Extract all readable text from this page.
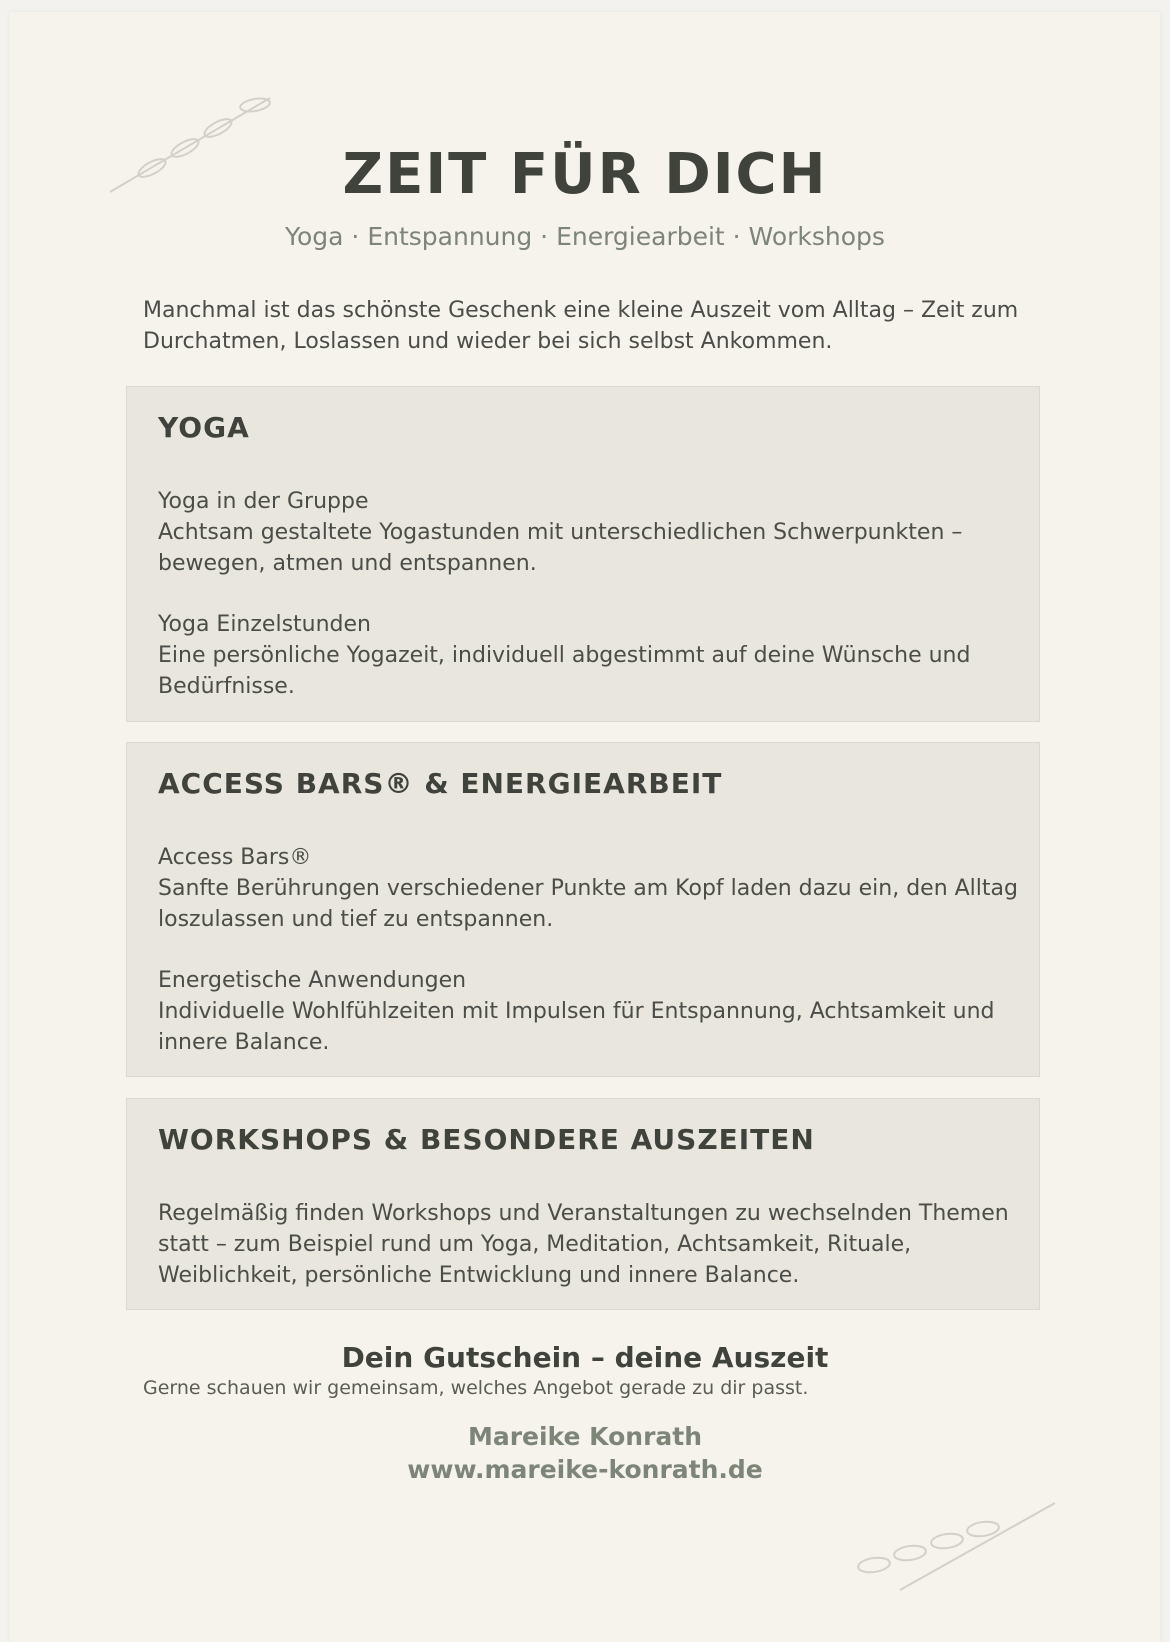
ZEIT FÜR DICH

Yoga · Entspannung · Energiearbeit · Workshops

Manchmal ist das schönste Geschenk eine kleine Auszeit vom Alltag – Zeit zum Durchatmen, Loslassen und wieder bei sich selbst Ankommen.

YOGA
Yoga in der Gruppe
Achtsam gestaltete Yogastunden mit unterschiedlichen Schwerpunkten – bewegen, atmen und entspannen.
Yoga Einzelstunden
Eine persönliche Yogazeit, individuell abgestimmt auf deine Wünsche und Bedürfnisse.
ACCESS BARS® & ENERGIEARBEIT
Access Bars®
Sanfte Berührungen verschiedener Punkte am Kopf laden dazu ein, den Alltag loszulassen und tief zu entspannen.
Energetische Anwendungen
Individuelle Wohlfühlzeiten mit Impulsen für Entspannung, Achtsamkeit und innere Balance.
WORKSHOPS & BESONDERE AUSZEITEN
Regelmäßig finden Workshops und Veranstaltungen zu wechselnden Themen statt – zum Beispiel rund um Yoga, Meditation, Achtsamkeit, Rituale, Weiblichkeit, persönliche Entwicklung und innere Balance.

Dein Gutschein – deine Auszeit

Gerne schauen wir gemeinsam, welches Angebot gerade zu dir passt.

Mareike Konrath

www.mareike-konrath.de
